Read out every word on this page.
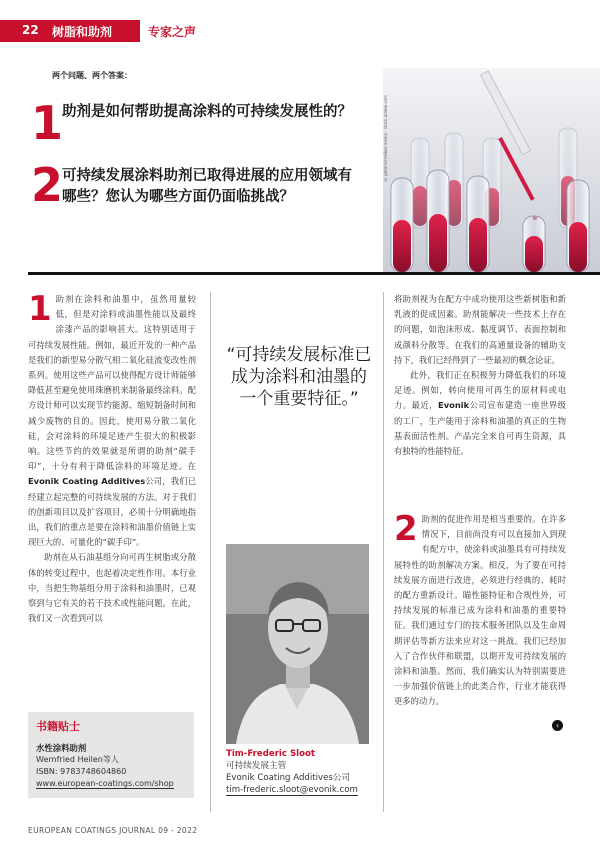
22 树脂和助剂	专家之声
© peterschreiber.media - stock.adobe.com
两个问题、两个答案：
1
助剂是如何帮助提高涂料的可持续发展性的？
2
可持续发展涂料助剂已取得进展的应用领域有
哪些？您认为哪些方面仍面临挑战？

1 助剂在涂料和油墨中，虽然用量较低，但是对涂料或油墨性能以及最终涂漆产品的影响甚大。这特别适用于可持续发展性能。例如，最近开发的一种产品是我们的新型易分散气相二氧化硅流变改性剂系列。使用这些产品可以使得配方设计师能够降低甚至避免使用珠磨机来制备最终涂料。配方设计师可以实现节约能源、缩短制备时间和减少废物的目的。因此，使用易分散二氧化硅，会对涂料的环境足迹产生很大的积极影响。这些节约的效果就是所谓的助剂“碳手印”，十分有利于降低涂料的环境足迹。在Evonik Coating Additives公司，我们已经建立起完整的可持续发展的方法。对于我们的创新项目以及扩容项目，必须十分明确地指出，我们的重点是要在涂料和油墨价值链上实现巨大的、可量化的“碳手印”。

助剂在从石油基组分向可再生树脂或分散体的转变过程中，也起着决定性作用。本行业中，当把生物基组分用于涂料和油墨时，已观察到与它有关的若干技术或性能问题。在此，我们又一次看到可以

“可持续发展标准已成为涂料和油墨的一个重要特征。”
Tim-Frederic Sloot
可持续发展主管
Evonik Coating Additives公司
tim-frederic.sloot@evonik.com

将助剂视为在配方中成功使用这些新树脂和新乳液的促成因素。助剂能解决一些技术上存在的问题，如泡沫形成、黏度调节、表面控制和成颜料分散等。在我们的高通量设备的辅助支持下，我们已经得到了一些最初的概念论证。

此外，我们正在积极努力降低我们的环境足迹。例如，转向使用可再生的原材料或电力。最近，Evonik公司宣布建造一座世界级的工厂，生产能用于涂料和油墨的真正的生物基表面活性剂。产品完全来自可再生资源，具有独特的性能特征。

2 助剂的促进作用是相当重要的。在许多情况下，目前尚没有可以直接加入到现有配方中，使涂料或油墨具有可持续发展特性的助剂解决方案。相反，为了要在可持续发展方面进行改进，必须进行经典的、耗时的配方重新设计。瞄性能特征和合规性外，可持续发展的标准已成为涂料和油墨的重要特征。我们通过专门的技术服务团队以及生命周期评估等新方法来应对这一挑战。我们已经加入了合作伙伴和联盟，以期开发可持续发展的涂料和油墨。然而，我们确实认为特别需要进一步加强价值链上的此类合作，行业才能获得更多的动力。

‹
书籍贴士
水性涂料助剂
Wernfried Heilen等人
ISBN: 9783748604860
www.european-coatings.com/shop
EUROPEAN COATINGS JOURNAL 09 - 2022
